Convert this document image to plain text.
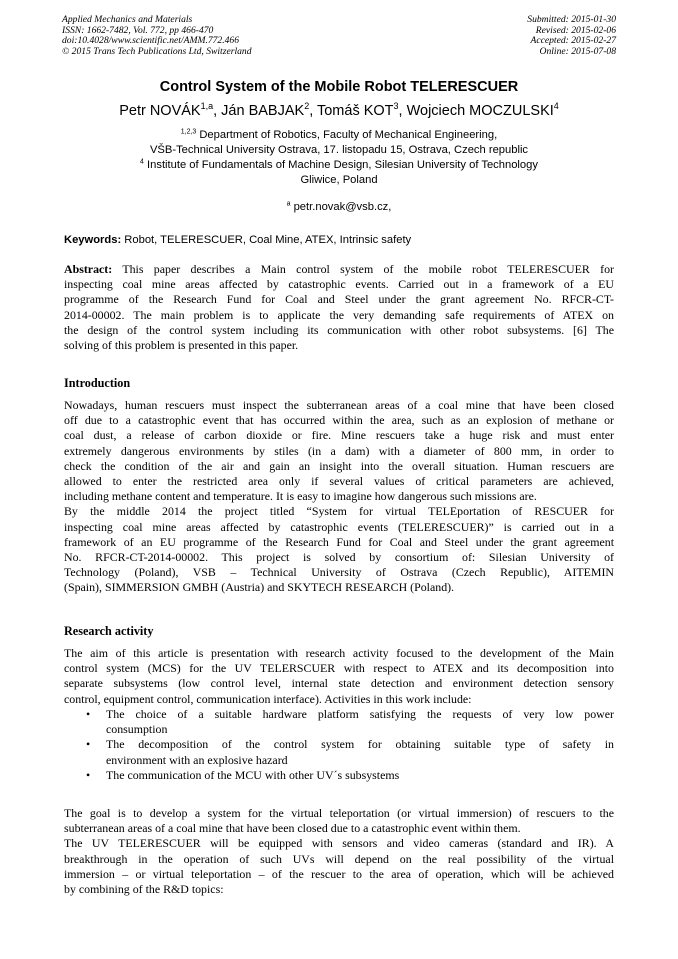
Applied Mechanics and Materials
ISSN: 1662-7482, Vol. 772, pp 466-470
doi:10.4028/www.scientific.net/AMM.772.466
© 2015 Trans Tech Publications Ltd, Switzerland
Submitted: 2015-01-30
Revised: 2015-02-06
Accepted: 2015-02-27
Online: 2015-07-08
Control System of the Mobile Robot TELERESCUER
Petr NOVÁK$^{1,a}$, Ján BABJAK$^2$, Tomáš KOT$^3$, Wojciech MOCZULSKI$^4$
$^{1,2,3}$ Department of Robotics, Faculty of Mechanical Engineering,
VŠB-Technical University Ostrava, 17. listopadu 15, Ostrava, Czech republic
$^4$ Institute of Fundamentals of Machine Design, Silesian University of Technology
Gliwice, Poland
$^a$ petr.novak@vsb.cz,
Keywords: Robot, TELERESCUER, Coal Mine, ATEX, Intrinsic safety
Abstract: This paper describes a Main control system of the mobile robot TELERESCUER for
inspecting coal mine areas affected by catastrophic events. Carried out in a framework of a EU
programme of the Research Fund for Coal and Steel under the grant agreement No. RFCR-CT-
2014-00002. The main problem is to applicate the very demanding safe requirements of ATEX on
the design of the control system including its communication with other robot subsystems. [6] The
solving of this problem is presented in this paper.
Introduction
Nowadays, human rescuers must inspect the subterranean areas of a coal mine that have been closed
off due to a catastrophic event that has occurred within the area, such as an explosion of methane or
coal dust, a release of carbon dioxide or fire. Mine rescuers take a huge risk and must enter
extremely dangerous environments by stiles (in a dam) with a diameter of 800 mm, in order to
check the condition of the air and gain an insight into the overall situation. Human rescuers are
allowed to enter the restricted area only if several values of critical parameters are achieved,
including methane content and temperature. It is easy to imagine how dangerous such missions are.
By the middle 2014 the project titled “System for virtual TELEportation of RESCUER for
inspecting coal mine areas affected by catastrophic events (TELERESCUER)” is carried out in a
framework of an EU programme of the Research Fund for Coal and Steel under the grant agreement
No. RFCR-CT-2014-00002. This project is solved by consortium of: Silesian University of
Technology (Poland), VSB – Technical University of Ostrava (Czech Republic), AITEMIN
(Spain), SIMMERSION GMBH (Austria) and SKYTECH RESEARCH (Poland).
Research activity
The aim of this article is presentation with research activity focused to the development of the Main
control system (MCS) for the UV TELERSCUER with respect to ATEX and its decomposition into
separate subsystems (low control level, internal state detection and environment detection sensory
control, equipment control, communication interface). Activities in this work include:
• The choice of a suitable hardware platform satisfying the requests of very low power
consumption
• The decomposition of the control system for obtaining suitable type of safety in
environment with an explosive hazard
• The communication of the MCU with other UV´s subsystems
The goal is to develop a system for the virtual teleportation (or virtual immersion) of rescuers to the
subterranean areas of a coal mine that have been closed due to a catastrophic event within them.
The UV TELERESCUER will be equipped with sensors and video cameras (standard and IR). A
breakthrough in the operation of such UVs will depend on the real possibility of the virtual
immersion – or virtual teleportation – of the rescuer to the area of operation, which will be achieved
by combining of the R&D topics:
